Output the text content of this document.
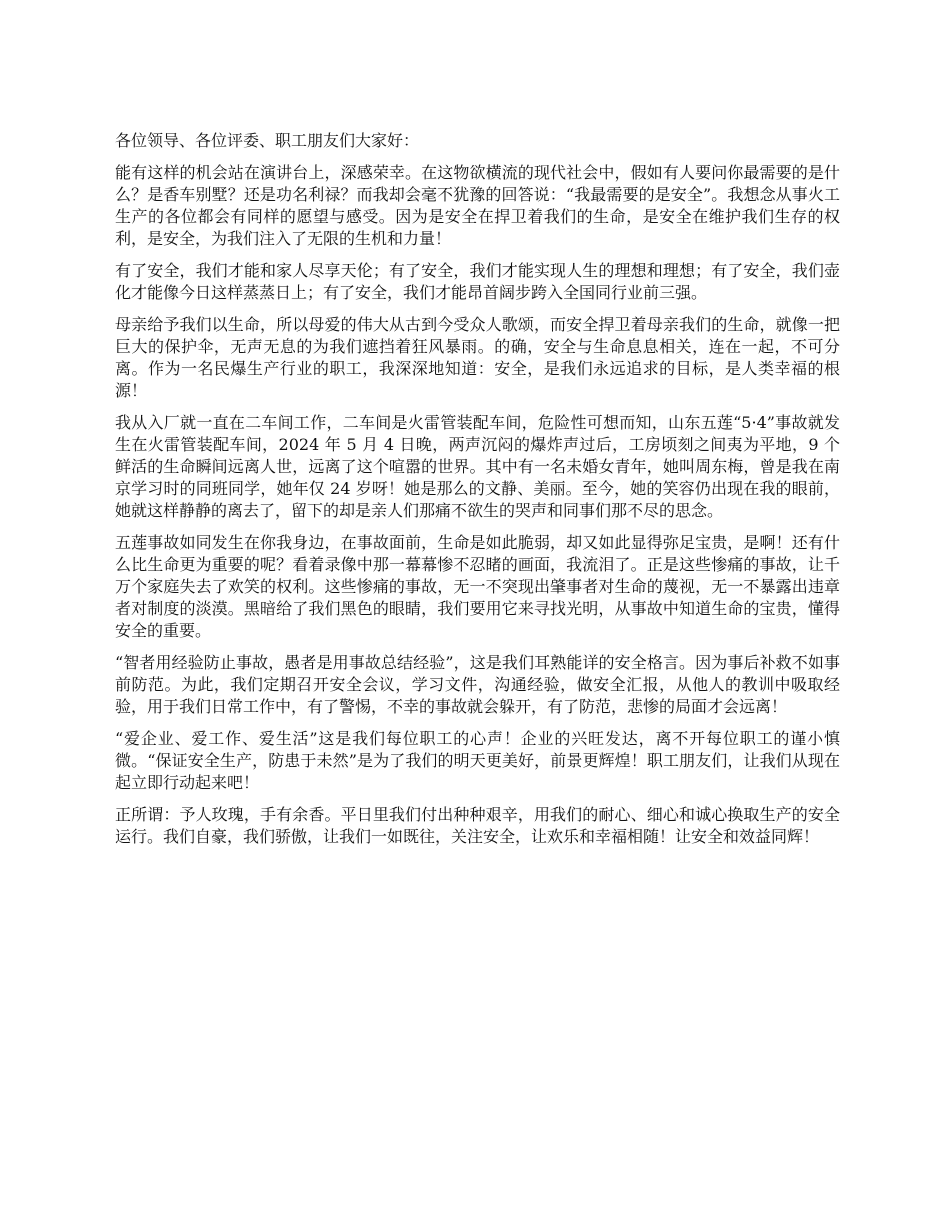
各位领导、各位评委、职工朋友们大家好：

能有这样的机会站在演讲台上，深感荣幸。在这物欲横流的现代社会中，假如有人要问你最需要的是什么？是香车别墅？还是功名利禄？而我却会毫不犹豫的回答说：“我最需要的是安全”。我想念从事火工生产的各位都会有同样的愿望与感受。因为是安全在捍卫着我们的生命，是安全在维护我们生存的权利，是安全，为我们注入了无限的生机和力量！

有了安全，我们才能和家人尽享天伦；有了安全，我们才能实现人生的理想和理想；有了安全，我们壶化才能像今日这样蒸蒸日上；有了安全，我们才能昂首阔步跨入全国同行业前三强。

母亲给予我们以生命，所以母爱的伟大从古到今受众人歌颂，而安全捍卫着母亲我们的生命，就像一把巨大的保护伞，无声无息的为我们遮挡着狂风暴雨。的确，安全与生命息息相关，连在一起，不可分离。作为一名民爆生产行业的职工，我深深地知道：安全，是我们永远追求的目标，是人类幸福的根源！

我从入厂就一直在二车间工作，二车间是火雷管装配车间，危险性可想而知，山东五莲“5·4”事故就发生在火雷管装配车间，2024 年 5 月 4 日晚，两声沉闷的爆炸声过后，工房顷刻之间夷为平地，9 个鲜活的生命瞬间远离人世，远离了这个喧嚣的世界。其中有一名未婚女青年，她叫周东梅，曾是我在南京学习时的同班同学，她年仅 24 岁呀！她是那么的文静、美丽。至今，她的笑容仍出现在我的眼前，她就这样静静的离去了，留下的却是亲人们那痛不欲生的哭声和同事们那不尽的思念。

五莲事故如同发生在你我身边，在事故面前，生命是如此脆弱，却又如此显得弥足宝贵，是啊！还有什么比生命更为重要的呢？看着录像中那一幕幕惨不忍睹的画面，我流泪了。正是这些惨痛的事故，让千万个家庭失去了欢笑的权利。这些惨痛的事故，无一不突现出肇事者对生命的蔑视，无一不暴露出违章者对制度的淡漠。黑暗给了我们黑色的眼睛，我们要用它来寻找光明，从事故中知道生命的宝贵，懂得安全的重要。

“智者用经验防止事故，愚者是用事故总结经验”，这是我们耳熟能详的安全格言。因为事后补救不如事前防范。为此，我们定期召开安全会议，学习文件，沟通经验，做安全汇报，从他人的教训中吸取经验，用于我们日常工作中，有了警惕，不幸的事故就会躲开，有了防范，悲惨的局面才会远离！

“爱企业、爱工作、爱生活”这是我们每位职工的心声！企业的兴旺发达，离不开每位职工的谨小慎微。“保证安全生产，防患于未然”是为了我们的明天更美好，前景更辉煌！职工朋友们，让我们从现在起立即行动起来吧！

正所谓：予人玫瑰，手有余香。平日里我们付出种种艰辛，用我们的耐心、细心和诚心换取生产的安全运行。我们自豪，我们骄傲，让我们一如既往，关注安全，让欢乐和幸福相随！让安全和效益同辉！
